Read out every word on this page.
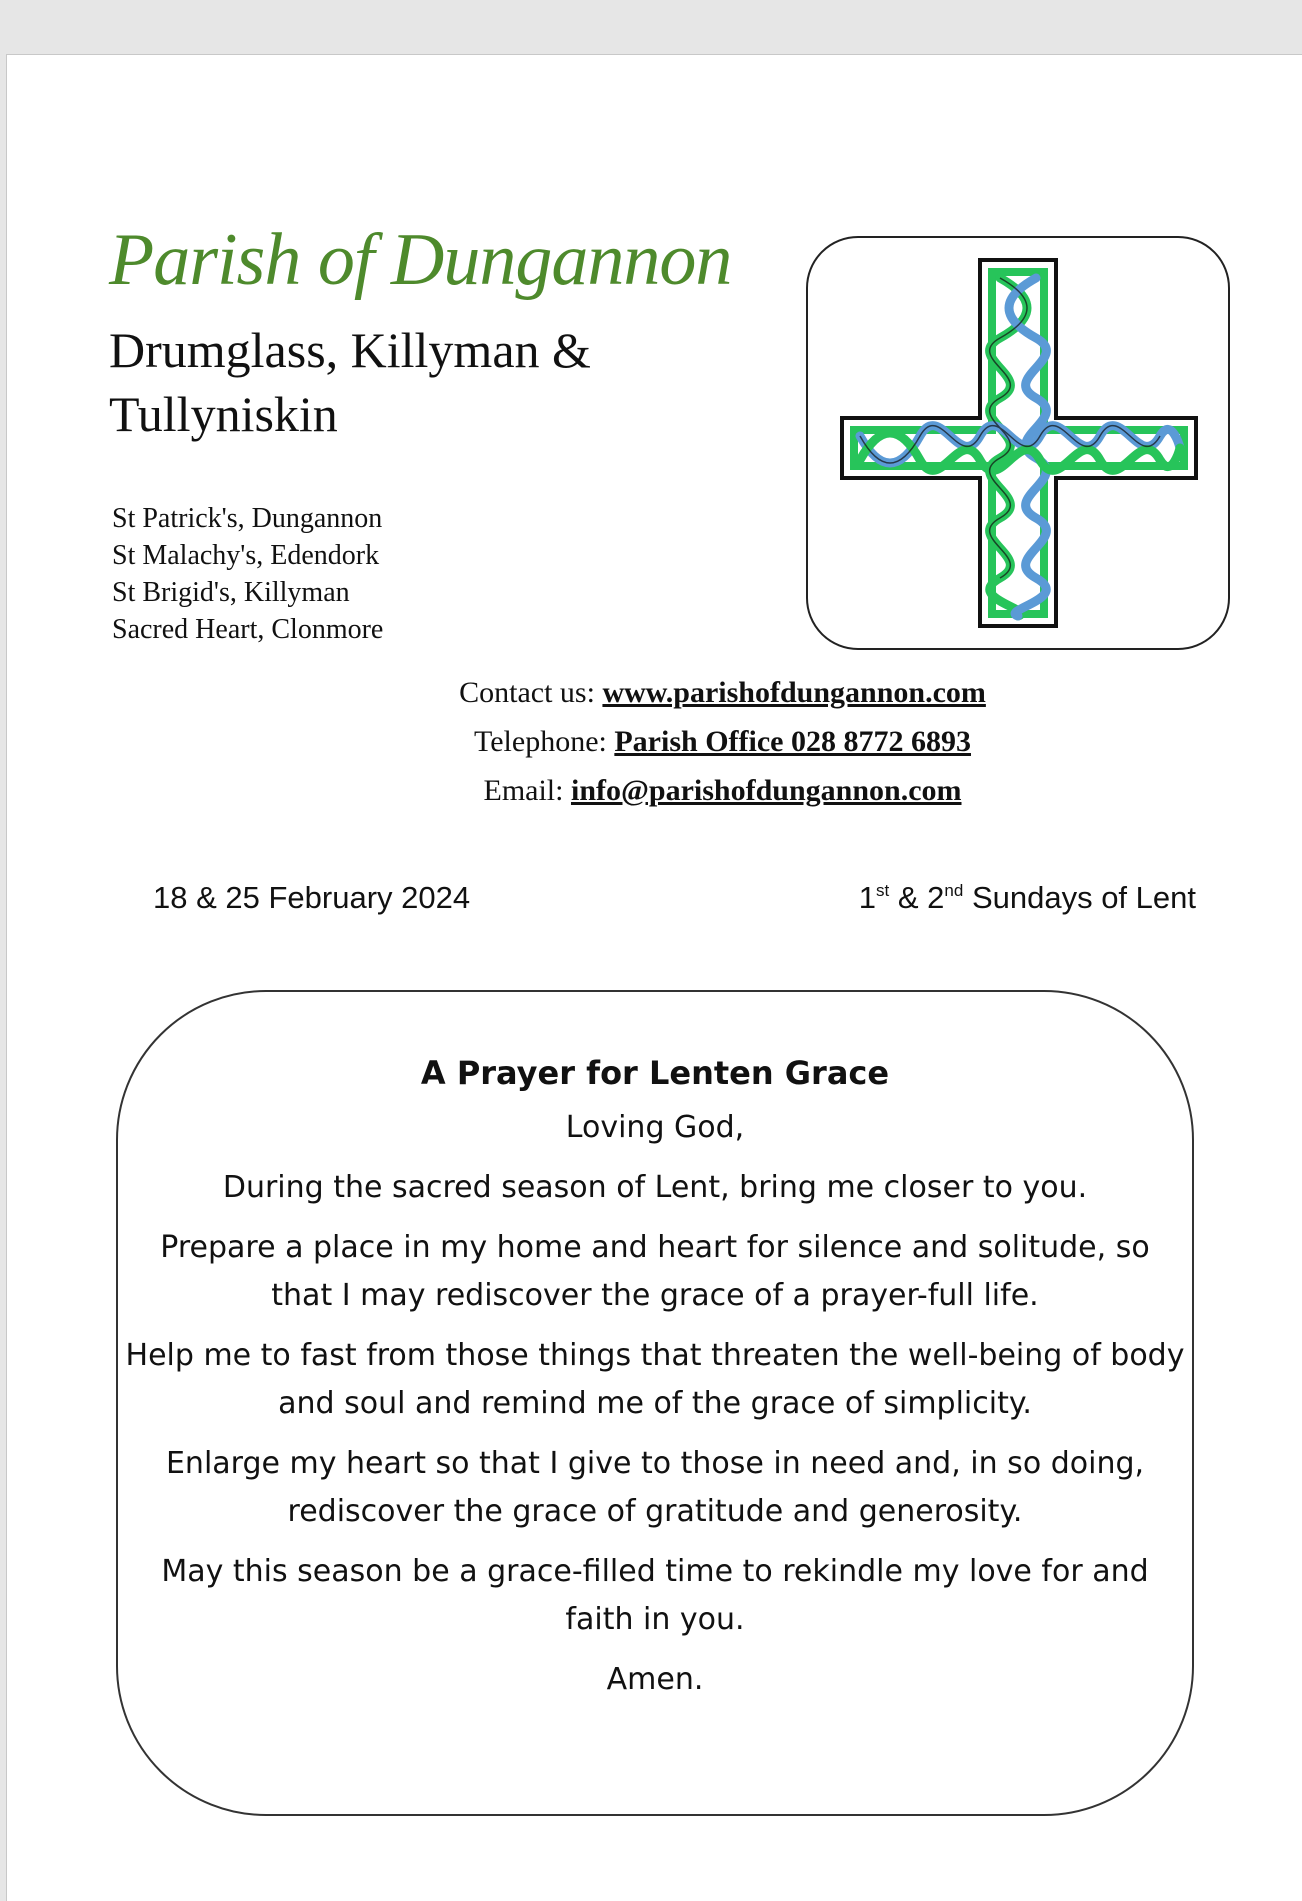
Parish of Dungannon
Drumglass, Killyman & Tullyniskin
St Patrick's, Dungannon
St Malachy's, Edendork
St Brigid's, Killyman
Sacred Heart, Clonmore
Contact us: www.parishofdungannon.com
Telephone: Parish Office 028 8772 6893
Email: info@parishofdungannon.com
18 & 25 February 2024	1st & 2nd Sundays of Lent
A Prayer for Lenten Grace
Loving God,
During the sacred season of Lent, bring me closer to you.
Prepare a place in my home and heart for silence and solitude, so that I may rediscover the grace of a prayer-full life.
Help me to fast from those things that threaten the well-being of body and soul and remind me of the grace of simplicity.
Enlarge my heart so that I give to those in need and, in so doing, rediscover the grace of gratitude and generosity.
May this season be a grace-filled time to rekindle my love for and faith in you.
Amen.
